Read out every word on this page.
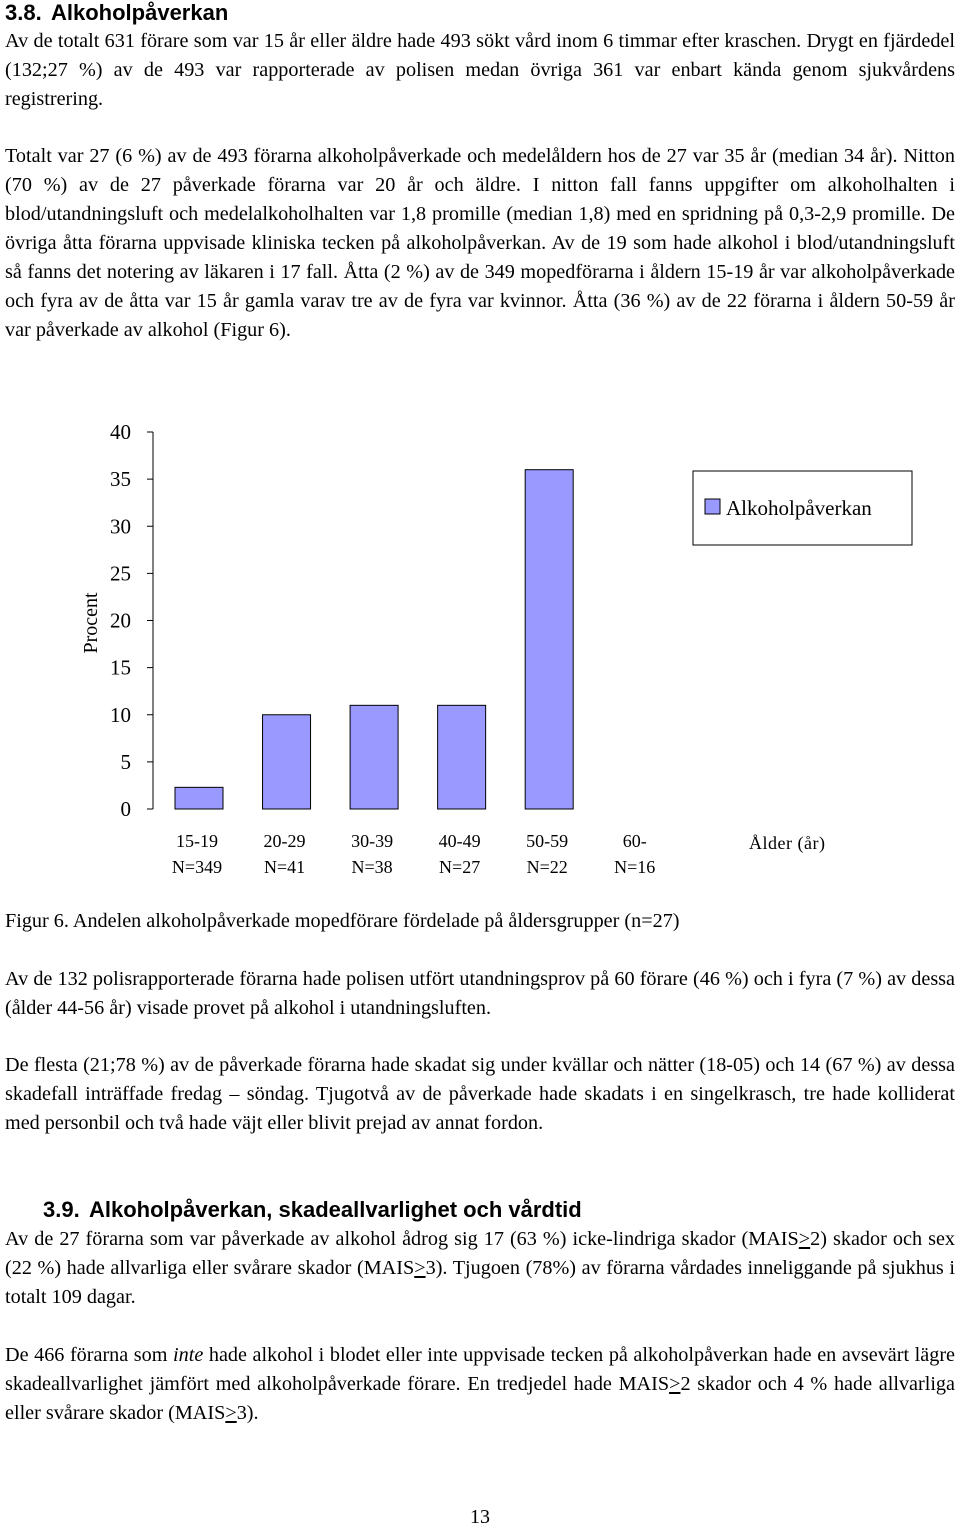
3.8. Alkoholpåverkan

Av de totalt 631 förare som var 15 år eller äldre hade 493 sökt vård inom 6 timmar efter kraschen. Drygt en fjärdedel (132;27 %) av de 493 var rapporterade av polisen medan övriga 361 var enbart kända genom sjukvårdens registrering.

Totalt var 27 (6 %) av de 493 förarna alkoholpåverkade och medelåldern hos de 27 var 35 år (median 34 år). Nitton (70 %) av de 27 påverkade förarna var 20 år och äldre. I nitton fall fanns uppgifter om alkoholhalten i blod/utandningsluft och medelalkoholhalten var 1,8 promille (median 1,8) med en spridning på 0,3-2,9 promille. De övriga åtta förarna uppvisade kliniska tecken på alkoholpåverkan. Av de 19 som hade alkohol i blod/utandningsluft så fanns det notering av läkaren i 17 fall. Åtta (2 %) av de 349 mopedförarna i åldern 15-19 år var alkoholpåverkade och fyra av de åtta var 15 år gamla varav tre av de fyra var kvinnor. Åtta (36 %) av de 22 förarna i åldern 50-59 år var påverkade av alkohol (Figur 6).

0
5
10
15
20
25
30
35
40
15-19
N=349
20-29
N=41
30-39
N=38
40-49
N=27
50-59
N=22
60-
N=16
Procent
Ålder (år)
Alkoholpåverkan

Figur 6. Andelen alkoholpåverkade mopedförare fördelade på åldersgrupper (n=27)

Av de 132 polisrapporterade förarna hade polisen utfört utandningsprov på 60 förare (46 %) och i fyra (7 %) av dessa (ålder 44-56 år) visade provet på alkohol i utandningsluften.

De flesta (21;78 %) av de påverkade förarna hade skadat sig under kvällar och nätter (18-05) och 14 (67 %) av dessa skadefall inträffade fredag – söndag. Tjugotvå av de påverkade hade skadats i en singelkrasch, tre hade kolliderat med personbil och två hade väjt eller blivit prejad av annat fordon.

3.9. Alkoholpåverkan, skadeallvarlighet och vårdtid

Av de 27 förarna som var påverkade av alkohol ådrog sig 17 (63 %) icke-lindriga skador (MAIS≥2) skador och sex (22 %) hade allvarliga eller svårare skador (MAIS≥3). Tjugoen (78%) av förarna vårdades inneliggande på sjukhus i totalt 109 dagar.

De 466 förarna som inte hade alkohol i blodet eller inte uppvisade tecken på alkoholpåverkan hade en avsevärt lägre skadeallvarlighet jämfört med alkoholpåverkade förare. En tredjedel hade MAIS≥2 skador och 4 % hade allvarliga eller svårare skador (MAIS≥3).

13
